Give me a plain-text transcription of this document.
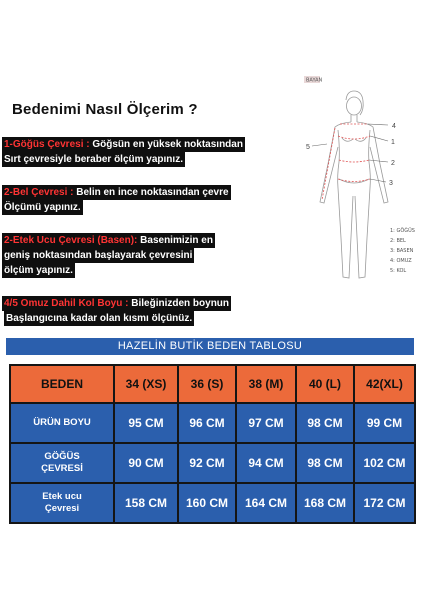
Bedenimi Nasıl Ölçerim ?
1-Göğüs Çevresi : Göğsün en yüksek noktasından
Sırt çevresiyle beraber ölçüm yapınız.
2-Bel Çevresi : Belin en ince noktasından çevre
Ölçümü yapınız.
2-Etek Ucu Çevresi (Basen): Basenimizin en
geniş noktasından başlayarak çevresini
ölçüm yapınız.
4/5 Omuz Dahil Kol Boyu : Bileğinizden boynun
Başlangıcına kadar olan kısmı ölçünüz.
BAYAN
4
1
2
3
5
1: GÖĞÜS
2: BEL
3: BASEN
4: OMUZ
5: KOL
HAZELİN BUTİK BEDEN TABLOSU
BEDEN	34 (XS)	36 (S)	38 (M)	40 (L)	42(XL)
ÜRÜN BOYU	95 CM	96 CM	97 CM	98 CM	99 CM
GÖĞÜS
ÇEVRESİ	90 CM	92 CM	94 CM	98 CM	102 CM
Etek ucu
Çevresi	158 CM	160 CM	164 CM	168 CM	172 CM
